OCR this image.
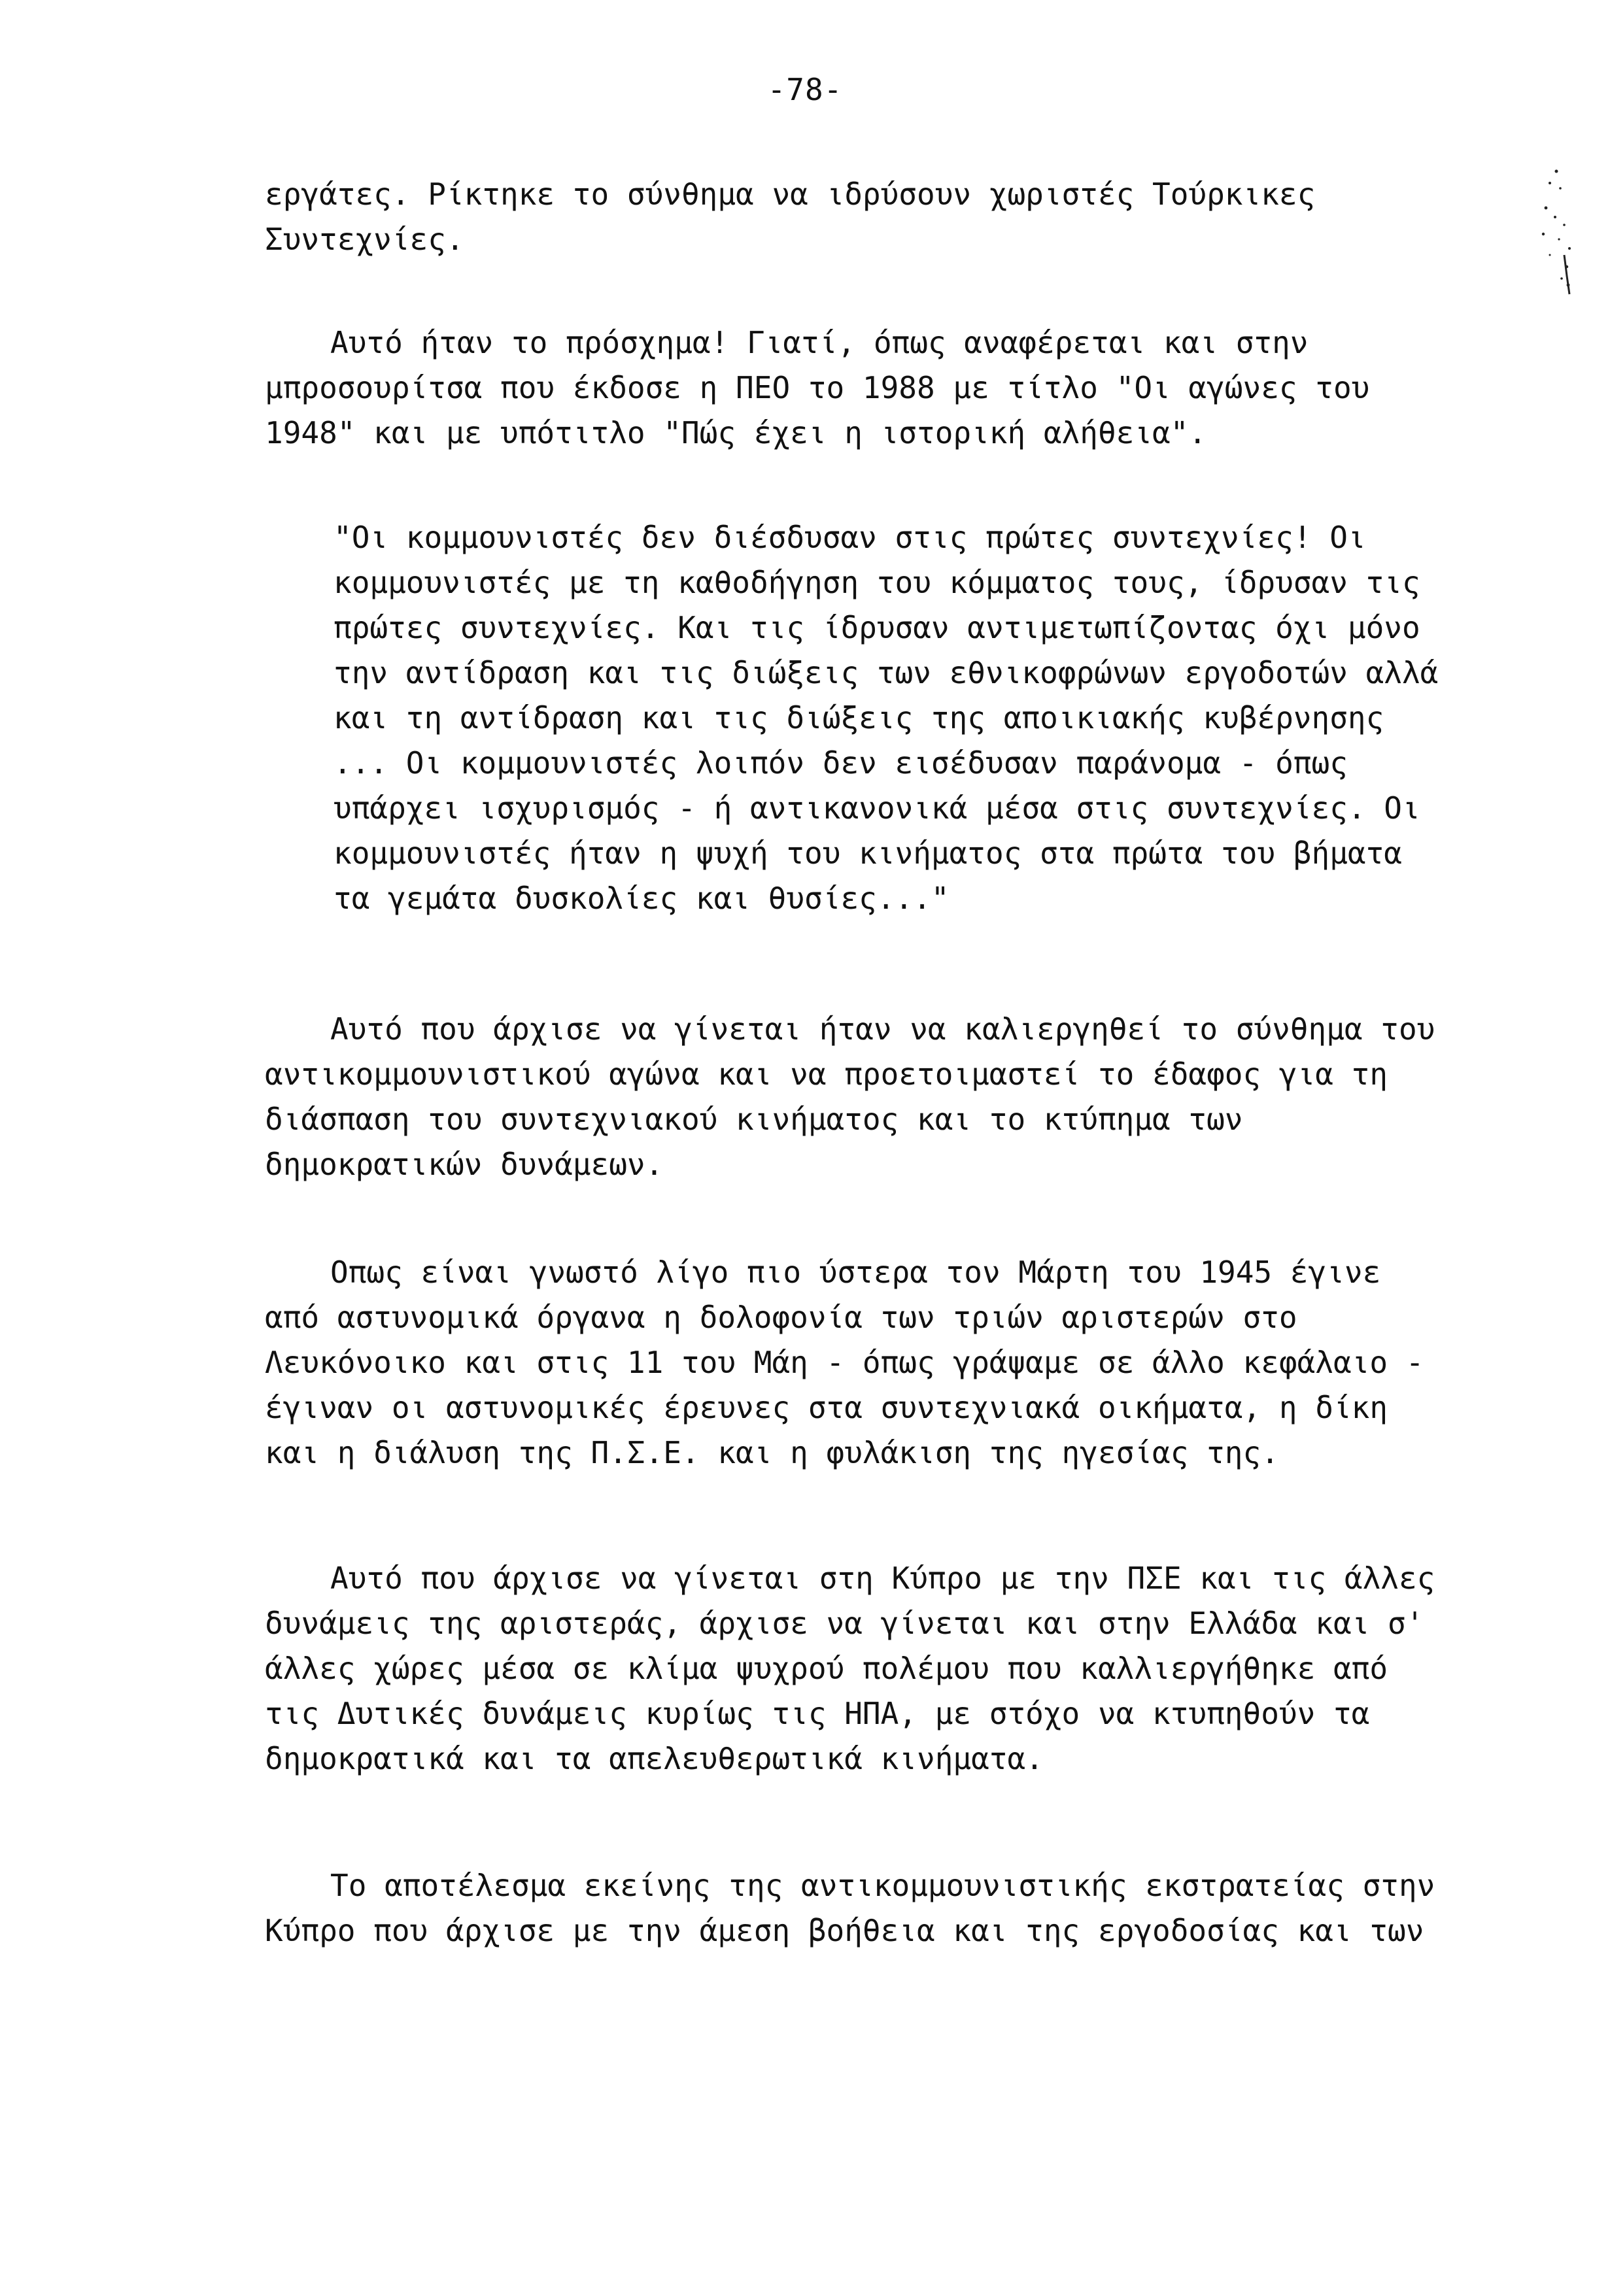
-78-
εργάτες. Ρίκτηκε το σύνθημα να ιδρύσουν χωριστές Τούρκικες
Συντεχνίες.
Αυτό ήταν το πρόσχημα! Γιατί, όπως αναφέρεται και στην
μπροσουρίτσα που έκδοσε η ΠΕΟ το 1988 με τίτλο "Οι αγώνες του
1948" και με υπότιτλο "Πώς έχει η ιστορική αλήθεια".
"Οι κομμουνιστές δεν διέσδυσαν στις πρώτες συντεχνίες! Οι
κομμουνιστές με τη καθοδήγηση του κόμματος τους, ίδρυσαν τις
πρώτες συντεχνίες. Και τις ίδρυσαν αντιμετωπίζοντας όχι μόνο
την αντίδραση και τις διώξεις των εθνικοφρώνων εργοδοτών αλλά
και τη αντίδραση και τις διώξεις της αποικιακής κυβέρνησης
... Οι κομμουνιστές λοιπόν δεν εισέδυσαν παράνομα - όπως
υπάρχει ισχυρισμός - ή αντικανονικά μέσα στις συντεχνίες. Οι
κομμουνιστές ήταν η ψυχή του κινήματος στα πρώτα του βήματα
τα γεμάτα δυσκολίες και θυσίες..."
Αυτό που άρχισε να γίνεται ήταν να καλιεργηθεί το σύνθημα του
αντικομμουνιστικού αγώνα και να προετοιμαστεί το έδαφος για τη
διάσπαση του συντεχνιακού κινήματος και το κτύπημα των
δημοκρατικών δυνάμεων.
Οπως είναι γνωστό λίγο πιο ύστερα τον Μάρτη του 1945 έγινε
από αστυνομικά όργανα η δολοφονία των τριών αριστερών στο
Λευκόνοικο και στις 11 του Μάη - όπως γράψαμε σε άλλο κεφάλαιο -
έγιναν οι αστυνομικές έρευνες στα συντεχνιακά οικήματα, η δίκη
και η διάλυση της Π.Σ.Ε. και η φυλάκιση της ηγεσίας της.
Αυτό που άρχισε να γίνεται στη Κύπρο με την ΠΣΕ και τις άλλες
δυνάμεις της αριστεράς, άρχισε να γίνεται και στην Ελλάδα και σ'
άλλες χώρες μέσα σε κλίμα ψυχρού πολέμου που καλλιεργήθηκε από
τις Δυτικές δυνάμεις κυρίως τις ΗΠΑ, με στόχο να κτυπηθούν τα
δημοκρατικά και τα απελευθερωτικά κινήματα.
Το αποτέλεσμα εκείνης της αντικομμουνιστικής εκστρατείας στην
Κύπρο που άρχισε με την άμεση βοήθεια και της εργοδοσίας και των
